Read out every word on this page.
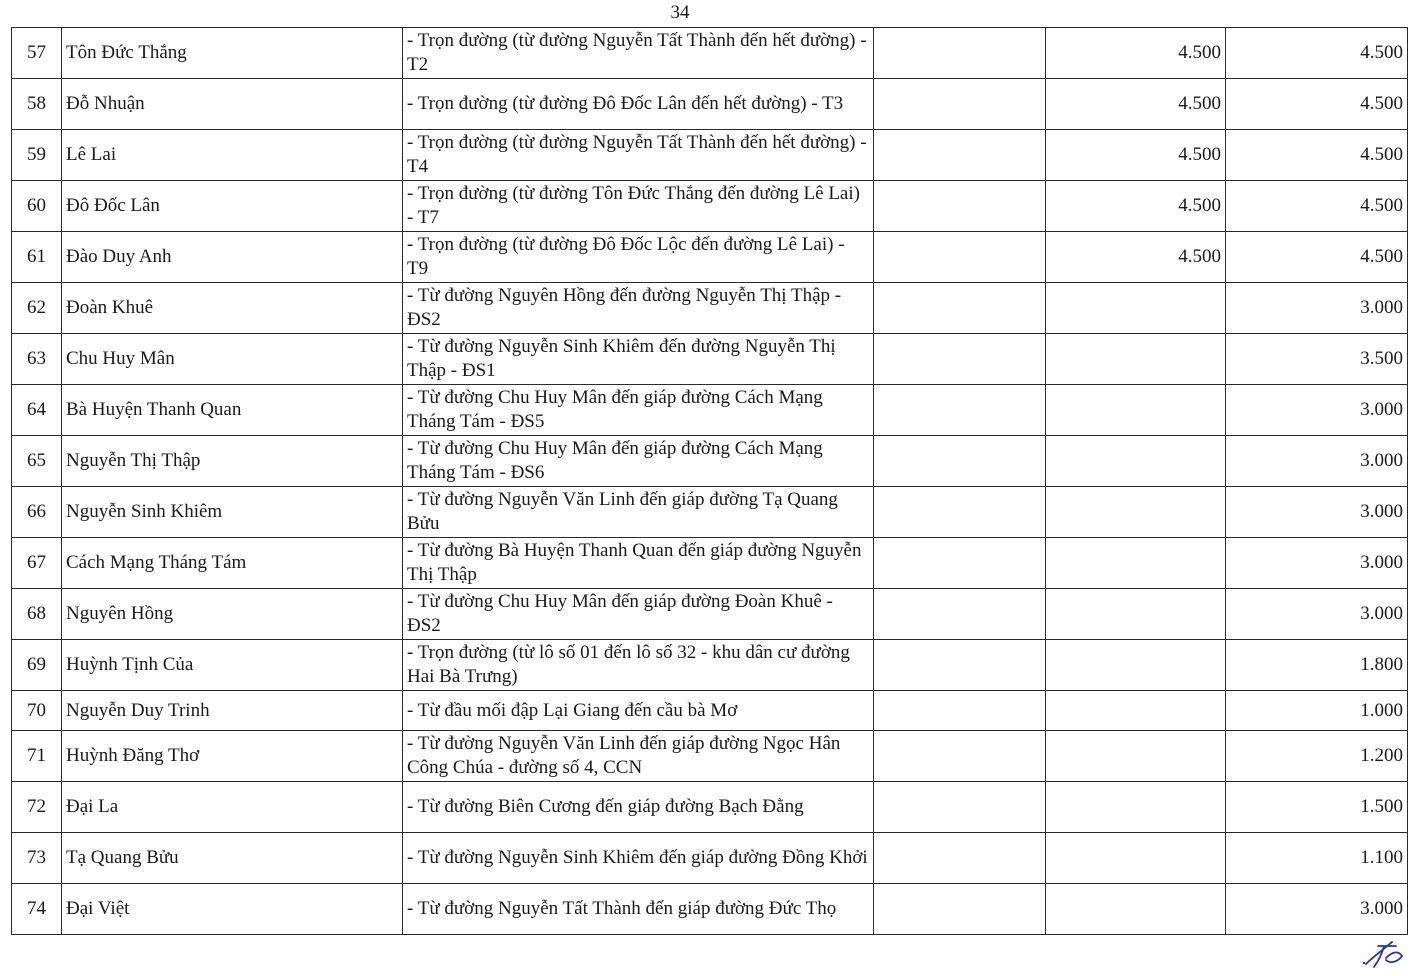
34
57	Tôn Đức Thắng	- Trọn đường (từ đường Nguyễn Tất Thành đến hết đường) - T2		4.500	4.500
58	Đỗ Nhuận	- Trọn đường (từ đường Đô Đốc Lân đến hết đường) - T3		4.500	4.500
59	Lê Lai	- Trọn đường (từ đường Nguyễn Tất Thành đến hết đường) - T4		4.500	4.500
60	Đô Đốc Lân	- Trọn đường (từ đường Tôn Đức Thắng đến đường Lê Lai) - T7		4.500	4.500
61	Đào Duy Anh	- Trọn đường (từ đường Đô Đốc Lộc đến đường Lê Lai) - T9		4.500	4.500
62	Đoàn Khuê	- Từ đường Nguyên Hồng đến đường Nguyễn Thị Thập - ĐS2			3.000
63	Chu Huy Mân	- Từ đường Nguyễn Sinh Khiêm đến đường Nguyễn Thị Thập - ĐS1			3.500
64	Bà Huyện Thanh Quan	- Từ đường Chu Huy Mân đến giáp đường Cách Mạng Tháng Tám - ĐS5			3.000
65	Nguyễn Thị Thập	- Từ đường Chu Huy Mân đến giáp đường Cách Mạng Tháng Tám - ĐS6			3.000
66	Nguyễn Sinh Khiêm	- Từ đường Nguyễn Văn Linh đến giáp đường Tạ Quang Bửu			3.000
67	Cách Mạng Tháng Tám	- Từ đường Bà Huyện Thanh Quan đến giáp đường Nguyễn Thị Thập			3.000
68	Nguyên Hồng	- Từ đường Chu Huy Mân đến giáp đường Đoàn Khuê - ĐS2			3.000
69	Huỳnh Tịnh Của	- Trọn đường (từ lô số 01 đến lô số 32 - khu dân cư đường Hai Bà Trưng)			1.800
70	Nguyễn Duy Trinh	- Từ đầu mối đập Lại Giang đến cầu bà Mơ			1.000
71	Huỳnh Đăng Thơ	- Từ đường Nguyễn Văn Linh đến giáp đường Ngọc Hân Công Chúa - đường số 4, CCN			1.200
72	Đại La	- Từ đường Biên Cương đến giáp đường Bạch Đằng			1.500
73	Tạ Quang Bửu	- Từ đường Nguyễn Sinh Khiêm đến giáp đường Đồng Khởi			1.100
74	Đại Việt	- Từ đường Nguyễn Tất Thành đến giáp đường Đức Thọ			3.000
